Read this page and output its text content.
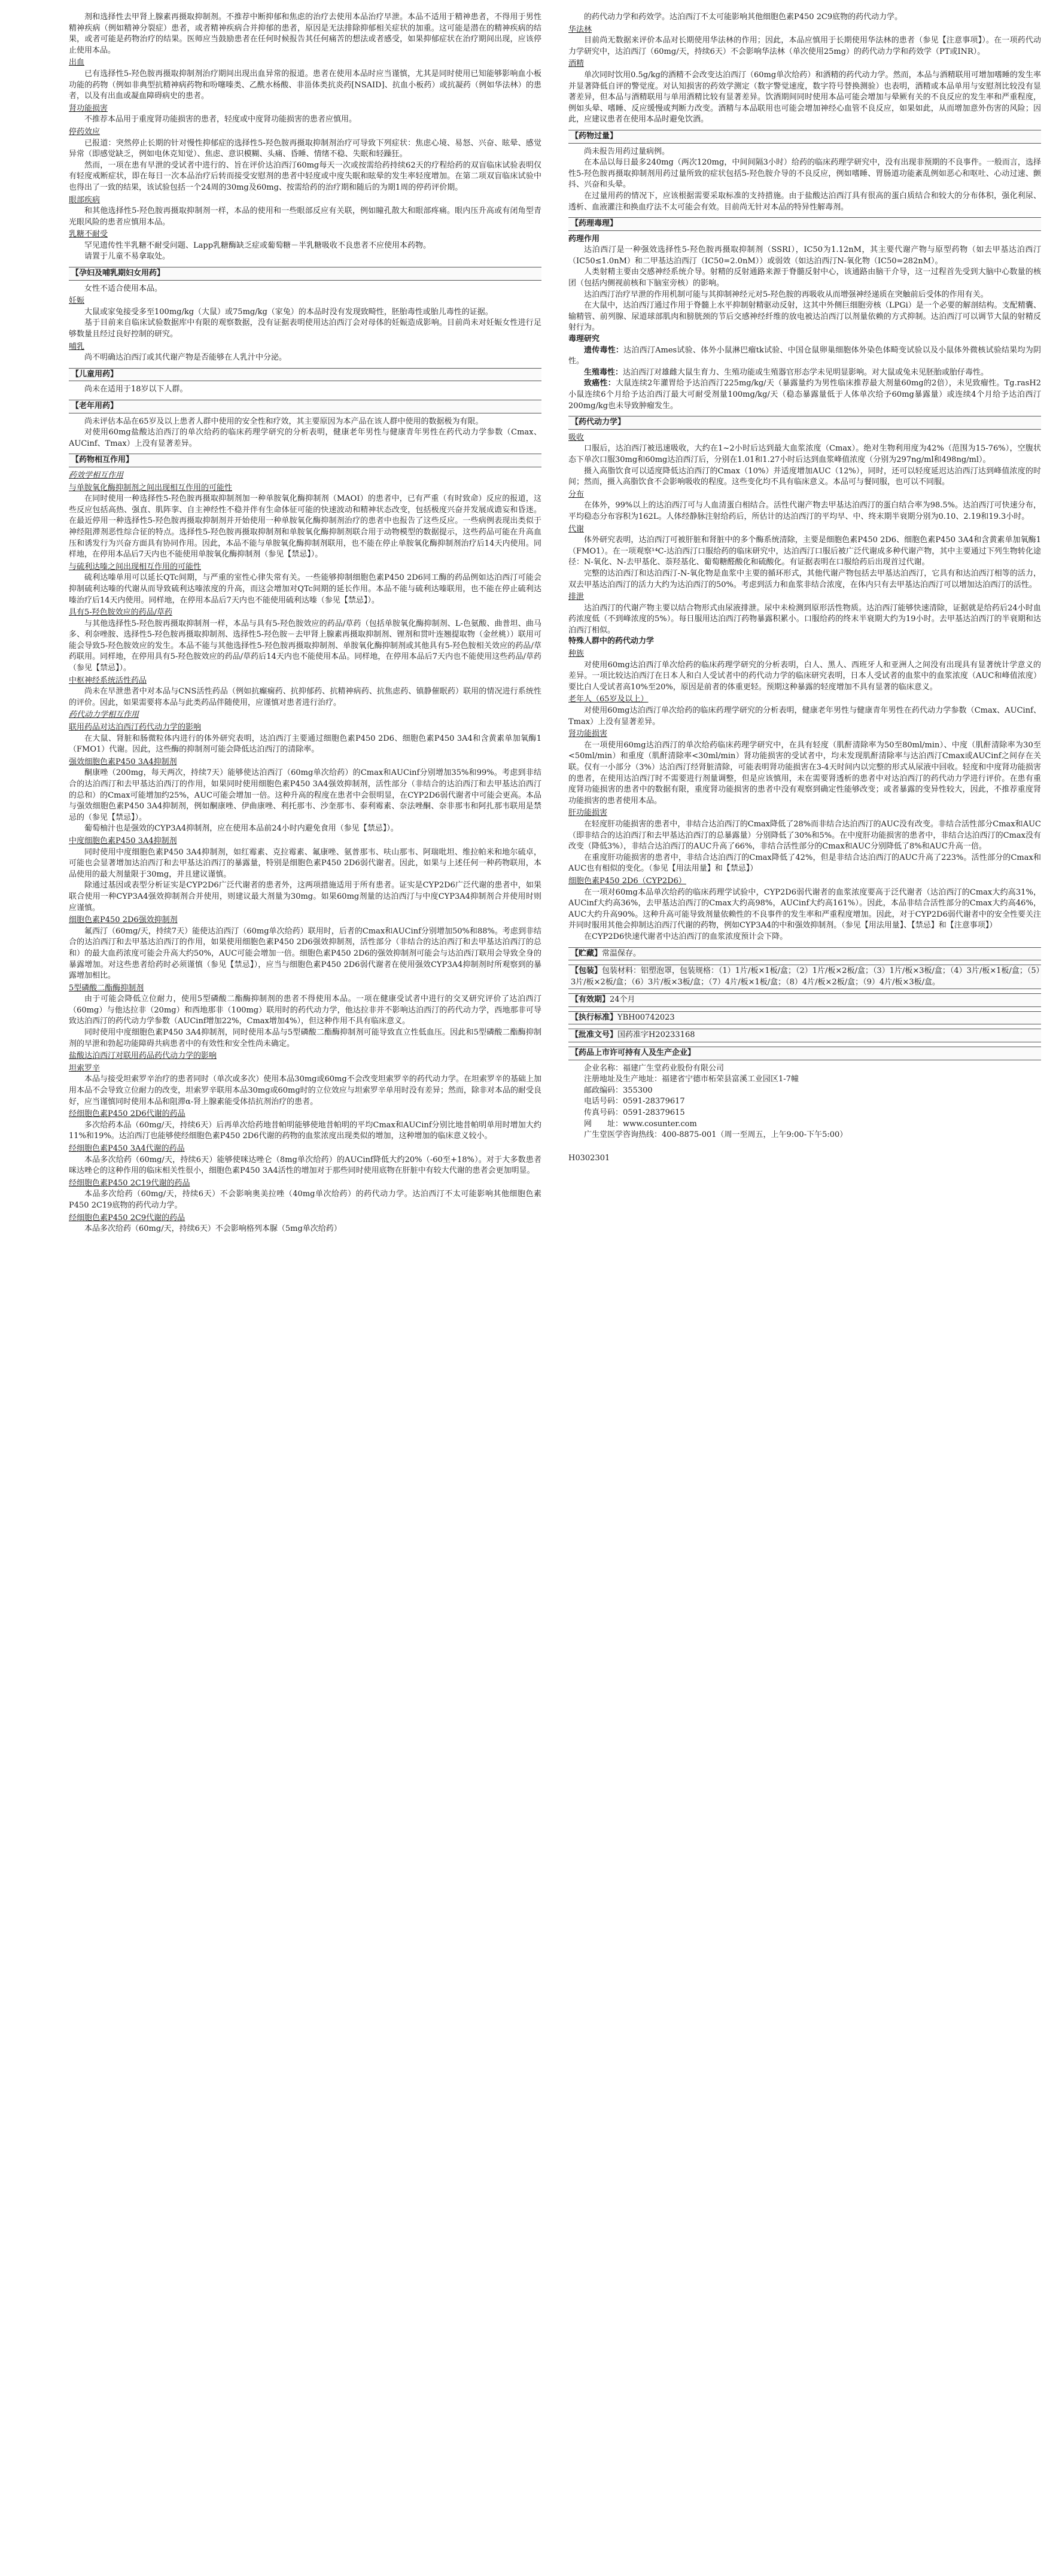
剂和选择性去甲肾上腺素再摄取抑制剂。不推荐中断抑郁和焦虑的治疗去使用本品治疗早泄。本品不适用于精神患者，不得用于男性精神疾病（例如精神分裂症）患者，或者精神疾病合并抑郁的患者，原因是无法排除抑郁相关症状的加重。这可能是潜在的精神疾病的结果，或者可能是药物治疗的结果。医师应当鼓励患者在任何时候报告其任何痛苦的想法或者感受，如果抑郁症状在治疗期间出现，应该停止使用本品。

出血

已有选择性5-羟色胺再摄取抑制剂治疗期间出现出血异常的报道。患者在使用本品时应当谨慎，尤其是同时使用已知能够影响血小板功能的药物（例如非典型抗精神病药物和吩噻嗪类、乙酰水杨酸、非甾体类抗炎药[NSAID]、抗血小板药）或抗凝药（例如华法林）的患者，以及有出血或凝血障碍病史的患者。

肾功能损害

不推荐本品用于重度肾功能损害的患者，轻度或中度肾功能损害的患者应慎用。

停药效应

已报道：突然停止长期的针对慢性抑郁症的选择性5-羟色胺再摄取抑制剂治疗可导致下列症状：焦虑心境、易怒、兴奋、眩晕、感觉异常（即感觉缺乏，例如电休克知觉）、焦虑、意识模糊、头痛、昏睡、情绪不稳、失眠和轻躁狂。

然而，一项在患有早泄的受试者中进行的、旨在评价达泊西汀60mg每天一次或按需给药持续62天的疗程给药的双盲临床试验表明仅有轻度戒断症状，即在每日一次本品治疗后转而接受安慰剂的患者中轻度或中度失眠和眩晕的发生率轻度增加。在第二项双盲临床试验中也得出了一致的结果，该试验包括一个24周的30mg及60mg、按需给药的治疗期和随后的为期1周的停药评价期。

眼部疾病

和其他选择性5-羟色胺再摄取抑制剂一样，本品的使用和一些眼部反应有关联，例如瞳孔散大和眼部疼痛。眼内压升高或有闭角型青光眼风险的患者应慎用本品。

乳糖不耐受

罕见遗传性半乳糖不耐受问题、Lapp乳糖酶缺乏症或葡萄糖－半乳糖吸收不良患者不应使用本药物。

请置于儿童不易拿取处。

【孕妇及哺乳期妇女用药】

女性不适合使用本品。

妊娠

大鼠或家兔接受多至100mg/kg（大鼠）或75mg/kg（家兔）的本品时没有发现致畸性，胚胎毒性或胎儿毒性的证据。

基于目前来自临床试验数据库中有限的观察数据，没有证据表明使用达泊西汀会对母体的妊娠造成影响。目前尚未对妊娠女性进行足够数量且经过良好控制的研究。

哺乳

尚不明确达泊西汀或其代谢产物是否能够在人乳汁中分泌。

【儿童用药】

尚未在适用于18岁以下人群。

【老年用药】

尚未评估本品在65岁及以上患者人群中使用的安全性和疗效，其主要原因为本产品在该人群中使用的数据极为有限。

对使用60mg盐酸达泊西汀的单次给药的临床药理学研究的分析表明，健康老年男性与健康青年男性在药代动力学参数（Cmax、AUCinf、Tmax）上没有显著差异。

【药物相互作用】
药效学相互作用
与单胺氧化酶抑制剂之间出现相互作用的可能性

在同时使用一种选择性5-羟色胺再摄取抑制剂加一种单胺氧化酶抑制剂（MAOI）的患者中，已有严重（有时致命）反应的报道，这些反应包括高热、强直、肌阵挛、自主神经性不稳并伴有生命体征可能的快速波动和精神状态改变，包括极度兴奋并发展成谵妄和昏迷。在最近停用一种选择性5-羟色胺再摄取抑制剂并开始使用一种单胺氧化酶抑制剂治疗的患者中也报告了这些反应。一些病例表现出类似于神经阻滞剂恶性综合征的特点。选择性5-羟色胺再摄取抑制剂和单胺氧化酶抑制剂联合用于动物模型的数据提示，这些药品可能在升高血压和诱发行为兴奋方面具有协同作用。因此，本品不能与单胺氧化酶抑制剂联用，也不能在停止单胺氧化酶抑制剂治疗后14天内使用。同样地，在停用本品后7天内也不能使用单胺氧化酶抑制剂（参见【禁忌】）。

与硫利达嗪之间出现相互作用的可能性

硫利达嗪单用可以延长QTc间期，与严重的室性心律失常有关。一些能够抑制细胞色素P450 2D6同工酶的药品例如达泊西汀可能会抑制硫利达嗪的代谢从而导致硫利达嗪浓度的升高，而这会增加对QTc间期的延长作用。本品不能与硫利达嗪联用，也不能在停止硫利达嗪治疗后14天内使用。同样地，在停用本品后7天内也不能使用硫利达嗪（参见【禁忌】）。

具有5-羟色胺效应的药品/草药

与其他选择性5-羟色胺再摄取抑制剂一样，本品与具有5-羟色胺效应的药品/草药（包括单胺氧化酶抑制剂、L-色氨酸、曲普坦、曲马多、利奈唑胺、选择性5-羟色胺再摄取抑制剂、选择性5-羟色胺－去甲肾上腺素再摄取抑制剂、锂剂和贯叶连翘提取物（金丝桃））联用可能会导致5-羟色胺效应的发生。本品不能与其他选择性5-羟色胺再摄取抑制剂、单胺氧化酶抑制剂或其他具有5-羟色胺相关效应的药品/草药联用。同样地，在停用具有5-羟色胺效应的药品/草药后14天内也不能使用本品。同样地，在停用本品后7天内也不能使用这些药品/草药（参见【禁忌】）。

中枢神经系统活性药品

尚未在早泄患者中对本品与CNS活性药品（例如抗癫痫药、抗抑郁药、抗精神病药、抗焦虑药、镇静催眠药）联用的情况进行系统性的评价。因此，如果需要将本品与此类药品伴随使用，应谨慎对患者进行治疗。

药代动力学相互作用
联用药品对达泊西汀药代动力学的影响

在大鼠、肾脏和肠微粒体内进行的体外研究表明，达泊西汀主要通过细胞色素P450 2D6、细胞色素P450 3A4和含黄素单加氧酶1（FMO1）代谢。因此，这些酶的抑制剂可能会降低达泊西汀的清除率。

强效细胞色素P450 3A4抑制剂

酮康唑（200mg，每天两次，持续7天）能够使达泊西汀（60mg单次给药）的Cmax和AUCinf分别增加35%和99%。考虑到非结合的达泊西汀和去甲基达泊西汀的作用，如果同时使用细胞色素P450 3A4强效抑制剂，活性部分（非结合的达泊西汀和去甲基达泊西汀的总和）的Cmax可能增加约25%，AUC可能会增加一倍。这种升高的程度在患者中会很明显，在CYP2D6弱代谢者中可能会更高。本品与强效细胞色素P450 3A4抑制剂，例如酮康唑、伊曲康唑、利托那韦、沙奎那韦、泰利霉素、奈法唑酮、奈非那韦和阿扎那韦联用是禁忌的（参见【禁忌】）。

葡萄柚汁也是强效的CYP3A4抑制剂，应在使用本品前24小时内避免食用（参见【禁忌】）。

中度细胞色素P450 3A4抑制剂

同时使用中度细胞色素P450 3A4抑制剂，如红霉素、克拉霉素、氟康唑、氨普那韦、呋山那韦、阿瑞吡坦、维拉帕米和地尔硫卓，可能也会显著增加达泊西汀和去甲基达泊西汀的暴露量，特别是细胞色素P450 2D6弱代谢者。因此，如果与上述任何一种药物联用，本品使用的最大剂量限于30mg，并且建议谨慎。

除通过基因或表型分析证实是CYP2D6广泛代谢者的患者外，这两项措施适用于所有患者。证实是CYP2D6广泛代谢的患者中，如果联合使用一种CYP3A4强效抑制剂合并使用，则建议最大剂量为30mg。如果60mg剂量的达泊西汀与中度CYP3A4抑制剂合并使用时则应谨慎。

细胞色素P450 2D6强效抑制剂

氟西汀（60mg/天，持续7天）能使达泊西汀（60mg单次给药）联用时，后者的Cmax和AUCinf分别增加50%和88%。考虑到非结合的达泊西汀和去甲基达泊西汀的作用，如果使用细胞色素P450 2D6强效抑制剂，活性部分（非结合的达泊西汀和去甲基达泊西汀的总和）的最大血药浓度可能会升高大约50%，AUC可能会增加一倍。细胞色素P450 2D6的强效抑制剂可能会与达泊西汀联用会导致全身的暴露增加。对这些患者给药时必须谨慎（参见【禁忌】），应当与细胞色素P450 2D6弱代谢者在使用强效CYP3A4抑制剂时所观察到的暴露增加相比。

5型磷酸二酯酶抑制剂

由于可能会降低立位耐力，使用5型磷酸二酯酶抑制剂的患者不得使用本品。一项在健康受试者中进行的交叉研究评价了达泊西汀（60mg）与他达拉非（20mg）和西地那非（100mg）联用时的药代动力学，他达拉非并不影响达泊西汀的药代动力学，西地那非可导致达泊西汀的药代动力学参数（AUCinf增加22%，Cmax增加4%），但这种作用不具有临床意义。

同时使用中度细胞色素P450 3A4抑制剂，同时使用本品与5型磷酸二酯酶抑制剂可能导致直立性低血压。因此和5型磷酸二酯酶抑制剂的早泄和勃起功能障碍共病患者中的有效性和安全性尚未确定。

盐酸达泊西汀对联用药品药代动力学的影响
坦索罗辛

本品与接受坦索罗辛治疗的患者同时（单次或多次）使用本品30mg或60mg不会改变坦索罗辛的药代动力学。在坦索罗辛的基础上加用本品不会导致立位耐力的改变，坦索罗辛联用本品30mg或60mg时的立位效应与坦索罗辛单用时没有差异；然而，除非对本品的耐受良好，应当谨慎同时使用本品和阻滞α-肾上腺素能受体拮抗剂治疗的患者。

经细胞色素P450 2D6代谢的药品

多次给药本品（60mg/天，持续6天）后再单次给药地昔帕明能够使地昔帕明的平均Cmax和AUCinf分别比地昔帕明单用时增加大约11%和19%。达泊西汀也能够使经细胞色素P450 2D6代谢的药物的血浆浓度出现类似的增加，这种增加的临床意义较小。

经细胞色素P450 3A4代谢的药品

本品多次给药（60mg/天，持续6天）能够使咪达唑仑（8mg单次给药）的AUCinf降低大约20%（-60至+18%）。对于大多数患者咪达唑仑的这种作用的临床相关性很小，细胞色素P450 3A4活性的增加对于那些同时使用底物在肝脏中有较大代谢的患者会更加明显。

经细胞色素P450 2C19代谢的药品

本品多次给药（60mg/天，持续6天）不会影响奥美拉唑（40mg单次给药）的药代动力学。达泊西汀不太可能影响其他细胞色素P450 2C19底物的药代动力学。

经细胞色素P450 2C9代谢的药品

本品多次给药（60mg/天，持续6天）不会影响格列本脲（5mg单次给药）

的药代动力学和药效学。达泊西汀不太可能影响其他细胞色素P450 2C9底物的药代动力学。

华法林

目前尚无数据来评价本品对长期使用华法林的作用；因此，本品应慎用于长期使用华法林的患者（参见【注意事项】）。在一项药代动力学研究中，达泊西汀（60mg/天，持续6天）不会影响华法林（单次使用25mg）的药代动力学和药效学（PT或INR）。

酒精

单次同时饮用0.5g/kg的酒精不会改变达泊西汀（60mg单次给药）和酒精的药代动力学。然而，本品与酒精联用可增加嗜睡的发生率并显著降低自评的警觉度。对认知损害的药效学测定（数字警觉速度，数字符号替换测验）也表明，酒精或本品单用与安慰剂比较没有显著差异，但本品与酒精联用与单用酒精比较有显著差异。饮酒期间同时使用本品可能会增加与晕厥有关的不良反应的发生率和严重程度，例如头晕、嗜睡、反应缓慢或判断力改变。酒精与本品联用也可能会增加神经心血管不良反应，如果如此，从而增加意外伤害的风险；因此，应建议患者在使用本品时避免饮酒。

【药物过量】

尚未报告用药过量病例。

在本品以每日最多240mg（两次120mg，中间间隔3小时）给药的临床药理学研究中，没有出现非预期的不良事件。一般而言，选择性5-羟色胺再摄取抑制剂用药过量所致的症状包括5-羟色胺介导的不良反应，例如嗜睡、胃肠道功能紊乱例如恶心和呕吐、心动过速、颤抖、兴奋和头晕。

在过量用药的情况下，应该根据需要采取标准的支持措施。由于盐酸达泊西汀具有很高的蛋白质结合和较大的分布体积，强化利尿、透析、血液灌注和换血疗法不太可能会有效。目前尚无针对本品的特异性解毒剂。

【药理毒理】
药理作用

达泊西汀是一种强效选择性5-羟色胺再摄取抑制剂（SSRI），IC50为1.12nM，其主要代谢产物与原型药物（如去甲基达泊西汀（IC50≤1.0nM）和二甲基达泊西汀（IC50=2.0nM））或弱效（如达泊西汀N-氧化物（IC50=282nM）。

人类射精主要由交感神经系统介导。射精的反射通路来源于脊髓反射中心，该通路由脑干介导，这一过程首先受到大脑中心数量的核团（包括内侧视前核和下脑室旁核）的影响。

达泊西汀治疗早泄的作用机制可能与其抑制神经元对5-羟色胺的再吸收从而增强神经递质在突触前后受体的作用有关。

在大鼠中，达泊西汀通过作用于脊髓上水平抑制射精驱动反射，这其中外侧巨细胞旁核（LPGi）是一个必要的解剖结构。支配精囊、输精管、前列腺、尿道球部肌肉和膀胱颈的节后交感神经纤维的放电被达泊西汀以剂量依赖的方式抑制。达泊西汀可以调节大鼠的射精反射行为。

毒理研究

遗传毒性：达泊西汀Ames试验、体外小鼠淋巴瘤tk试验、中国仓鼠卵巢细胞体外染色体畸变试验以及小鼠体外微核试验结果均为阴性。

生殖毒性：达泊西汀对雄雌大鼠生育力、生殖功能或生殖器官形态学未见明显影响。对大鼠或兔未见胚胎或胎仔毒性。

致癌性：大鼠连续2年灌胃给予达泊西汀225mg/kg/天（暴露量约为男性临床推荐最大剂量60mg的2倍），未见致瘤性。Tg.rasH2小鼠连续6个月给予达泊西汀最大可耐受剂量100mg/kg/天（稳态暴露量低于人体单次给予60mg暴露量）或连续4个月给予达泊西汀200mg/kg也未导致肿瘤发生。

【药代动力学】
吸收

口服后，达泊西汀被迅速吸收，大约在1~2小时后达到最大血浆浓度（Cmax）。绝对生物利用度为42%（范围为15-76%），空腹状态下单次口服30mg和60mg达泊西汀后，分别在1.01和1.27小时后达到血浆峰值浓度（分别为297ng/ml和498ng/ml）。

摄入高脂饮食可以适度降低达泊西汀的Cmax（10%）并适度增加AUC（12%），同时，还可以轻度延迟达泊西汀达到峰值浓度的时间；然而，摄入高脂饮食不会影响吸收的程度。这些变化均不具有临床意义。本品可与餐同服，也可以不同服。

分布

在体外，99%以上的达泊西汀可与人血清蛋白相结合。活性代谢产物去甲基达泊西汀的蛋白结合率为98.5%。达泊西汀可快速分布，平均稳态分布容积为162L。人体经静脉注射给药后，所估计的达泊西汀的平均早、中、终末期半衰期分别为0.10、2.19和19.3小时。

代谢

体外研究表明，达泊西汀可被肝脏和肾脏中的多个酶系统清除，主要是细胞色素P450 2D6、细胞色素P450 3A4和含黄素单加氧酶1（FMO1）。在一项观察¹⁴C-达泊西汀口服给药的临床研究中，达泊西汀口服后被广泛代谢成多种代谢产物，其中主要通过下列生物转化途径：N-氧化、N-去甲基化、萘羟基化、葡萄糖醛酸化和硫酸化。有证据表明在口服给药后出现首过代谢。

完整的达泊西汀和达泊西汀-N-氧化物是血浆中主要的循环形式，其他代谢产物包括去甲基达泊西汀，它具有和达泊西汀相等的活力，双去甲基达泊西汀的活力大约为达泊西汀的50%。考虑到活力和血浆非结合浓度，在体内只有去甲基达泊西汀可以增加达泊西汀的活性。

排泄

达泊西汀的代谢产物主要以结合物形式由尿液排泄。尿中未检测到原形活性物质。达泊西汀能够快速清除，证据就是给药后24小时血药浓度低（不到峰浓度的5%）。每日服用达泊西汀药物暴露积累小。口服给药的终末半衰期大约为19小时。去甲基达泊西汀的半衰期和达泊西汀相似。

特殊人群中的药代动力学
种族

对使用60mg达泊西汀单次给药的临床药理学研究的分析表明，白人、黑人、西班牙人和亚洲人之间没有出现具有显著统计学意义的差异。一项比较达泊西汀在日本人和白人受试者中的药代动力学的临床研究表明，日本人受试者的血浆中的血浆浓度（AUC和峰值浓度）要比白人受试者高10%至20%，原因是前者的体重更轻。预期这种暴露的轻度增加不具有显著的临床意义。

老年人（65岁及以上）

对使用60mg达泊西汀单次给药的临床药理学研究的分析表明，健康老年男性与健康青年男性在药代动力学参数（Cmax、AUCinf、Tmax）上没有显著差异。

肾功能损害

在一项使用60mg达泊西汀的单次给药临床药理学研究中，在具有轻度（肌酐清除率为50至80ml/min）、中度（肌酐清除率为30至<50ml/min）和重度（肌酐清除率<30ml/min）肾功能损害的受试者中，均未发现肌酐清除率与达泊西汀Cmax或AUCinf之间存在关联。仅有一小部分（3%）达泊西汀经肾脏清除，可能表明肾功能损害在3-4天时间内以完整的形式从尿液中回收。轻度和中度肾功能损害的患者，在使用达泊西汀时不需要进行剂量调整，但是应该慎用，未在需要肾透析的患者中对达泊西汀的药代动力学进行评价。在患有重度肾功能损害的患者中的数据有限，重度肾功能损害的患者中没有观察到确定性能够改变；或者暴露的变异性较大，因此，不推荐重度肾功能损害的患者使用本品。

肝功能损害

在轻度肝功能损害的患者中，非结合达泊西汀的Cmax降低了28%而非结合达泊西汀的AUC没有改变。非结合活性部分Cmax和AUC（即非结合的达泊西汀和去甲基达泊西汀的总暴露量）分别降低了30%和5%。在中度肝功能损害的患者中，非结合达泊西汀的Cmax没有改变（降低3%），非结合达泊西汀的AUC升高了66%，非结合活性部分的Cmax和AUC分别降低了8%和AUC升高一倍。

在重度肝功能损害的患者中，非结合达泊西汀的Cmax降低了42%，但是非结合达泊西汀的AUC升高了223%。活性部分的Cmax和AUC也有相似的变化。（参见【用法用量】和【禁忌】）

细胞色素P450 2D6（CYP2D6）

在一项对60mg本品单次给药的临床药理学试验中，CYP2D6弱代谢者的血浆浓度要高于泛代谢者（达泊西汀的Cmax大约高31%，AUCinf大约高36%，去甲基达泊西汀的Cmax大约高98%，AUCinf大约高161%）。因此，本品非结合活性部分的Cmax大约高46%，AUC大约升高90%。这种升高可能导致剂量依赖性的不良事件的发生率和严重程度增加。因此，对于CYP2D6弱代谢者中的安全性要关注并同时服用其他会抑制达泊西汀代谢的药物，例如CYP3A4的中和强效抑制剂。（参见【用法用量】、【禁忌】和【注意事项】）

在CYP2D6快速代谢者中达泊西汀的血浆浓度预计会下降。

【贮藏】常温保存。
【包装】包装材料：铝塑泡罩，包装规格：（1）1片/板×1板/盒；（2）1片/板×2板/盒；（3）1片/板×3板/盒；（4）3片/板×1板/盒；（5）3片/板×2板/盒；（6）3片/板×3板/盒；（7）4片/板×1板/盒；（8）4片/板×2板/盒；（9）4片/板×3板/盒。
【有效期】24个月
【执行标准】YBH00742023
【批准文号】国药准字H20233168
【药品上市许可持有人及生产企业】

企业名称：福建广生堂药业股份有限公司

注册地址及生产地址：福建省宁德市柘荣县富溪工业园区1-7幢

邮政编码：355300

电话号码：0591-28379617

传真号码：0591-28379615

网　　址：www.cosunter.com

广生堂医学咨询热线：400-8875-001（周一至周五，上午9:00-下午5:00）

H0302301
